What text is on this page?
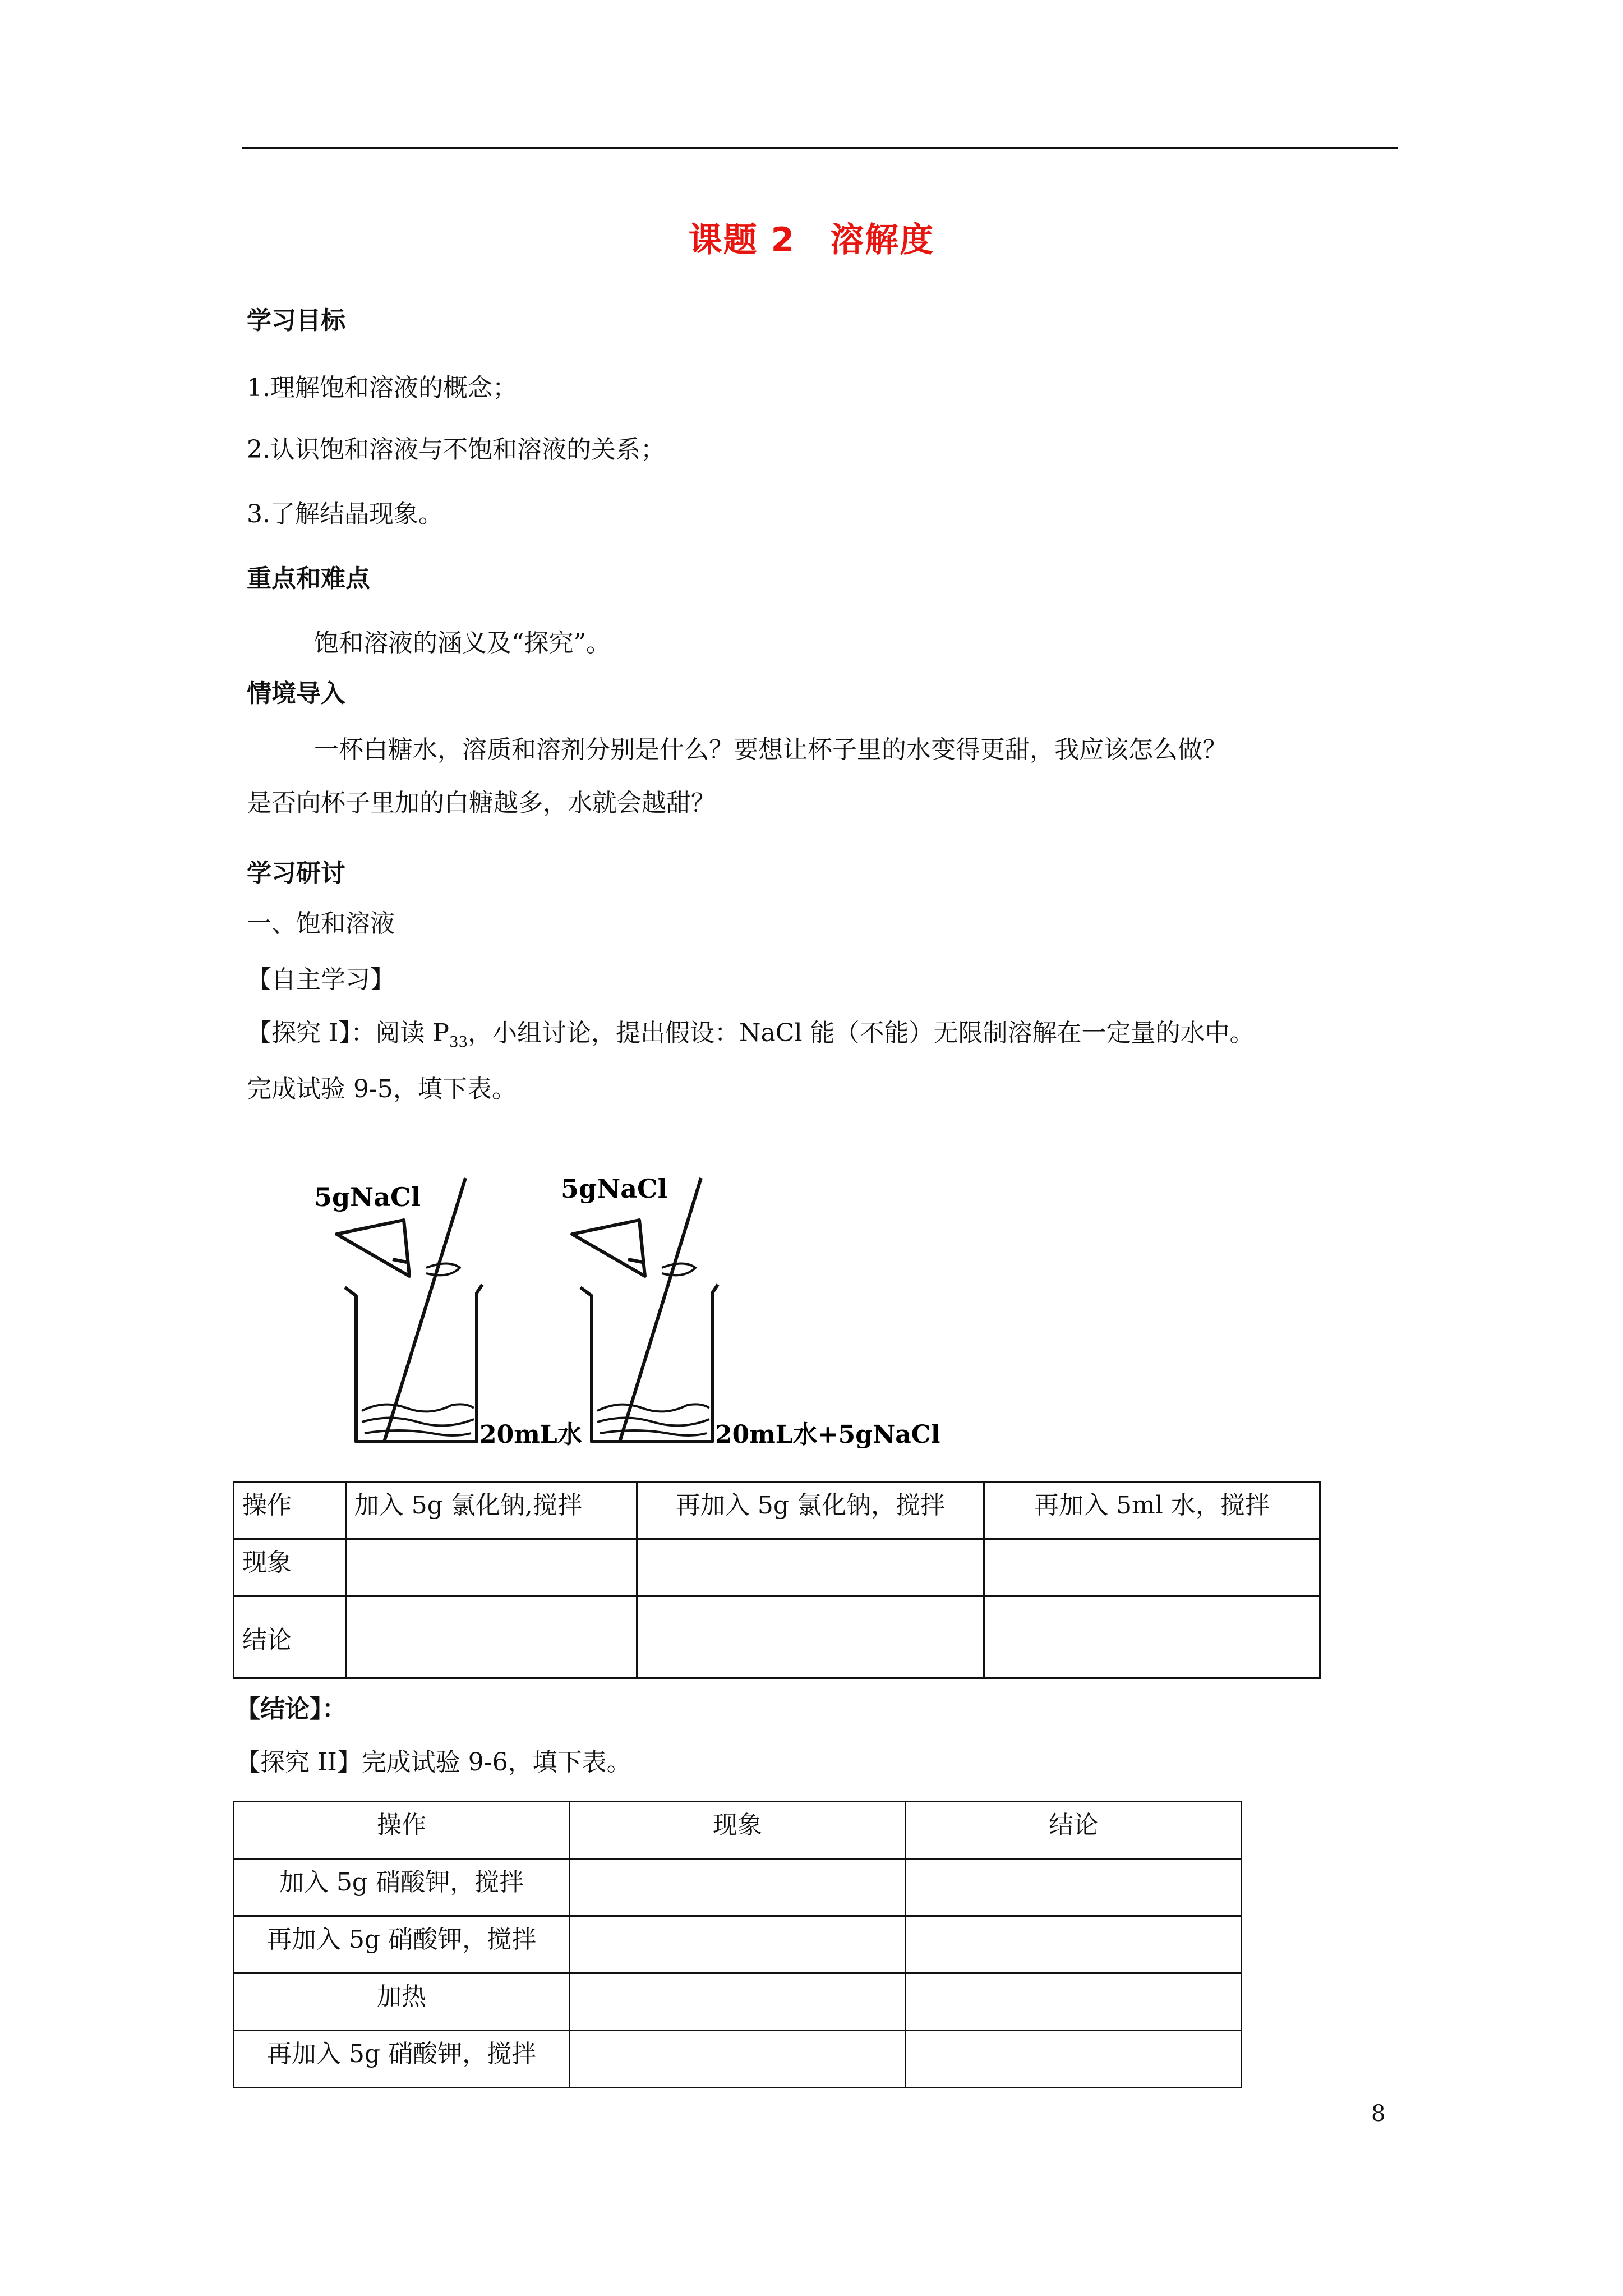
课题 2　溶解度
学习目标
1.理解饱和溶液的概念；
2.认识饱和溶液与不饱和溶液的关系；
3.了解结晶现象。
重点和难点
饱和溶液的涵义及“探究”。
情境导入
一杯白糖水，溶质和溶剂分别是什么？要想让杯子里的水变得更甜，我应该怎么做？
是否向杯子里加的白糖越多，水就会越甜？
学习研讨
一、饱和溶液
【自主学习】
【探究 I】：阅读 $P_{33}$，小组讨论，提出假设：NaCl 能（不能）无限制溶解在一定量的水中。
完成试验 9-5，填下表。
5gNaCl	5gNaCl
20mL水	20mL水+5gNaCl
操作	加入 5g 氯化钠,搅拌	再加入 5g 氯化钠，搅拌	再加入 5ml 水，搅拌
现象			
结论			
【结论】：
【探究 II】完成试验 9-6，填下表。
操作	现象	结论
加入 5g 硝酸钾，搅拌		
再加入 5g 硝酸钾，搅拌		
加热		
再加入 5g 硝酸钾，搅拌		
8
